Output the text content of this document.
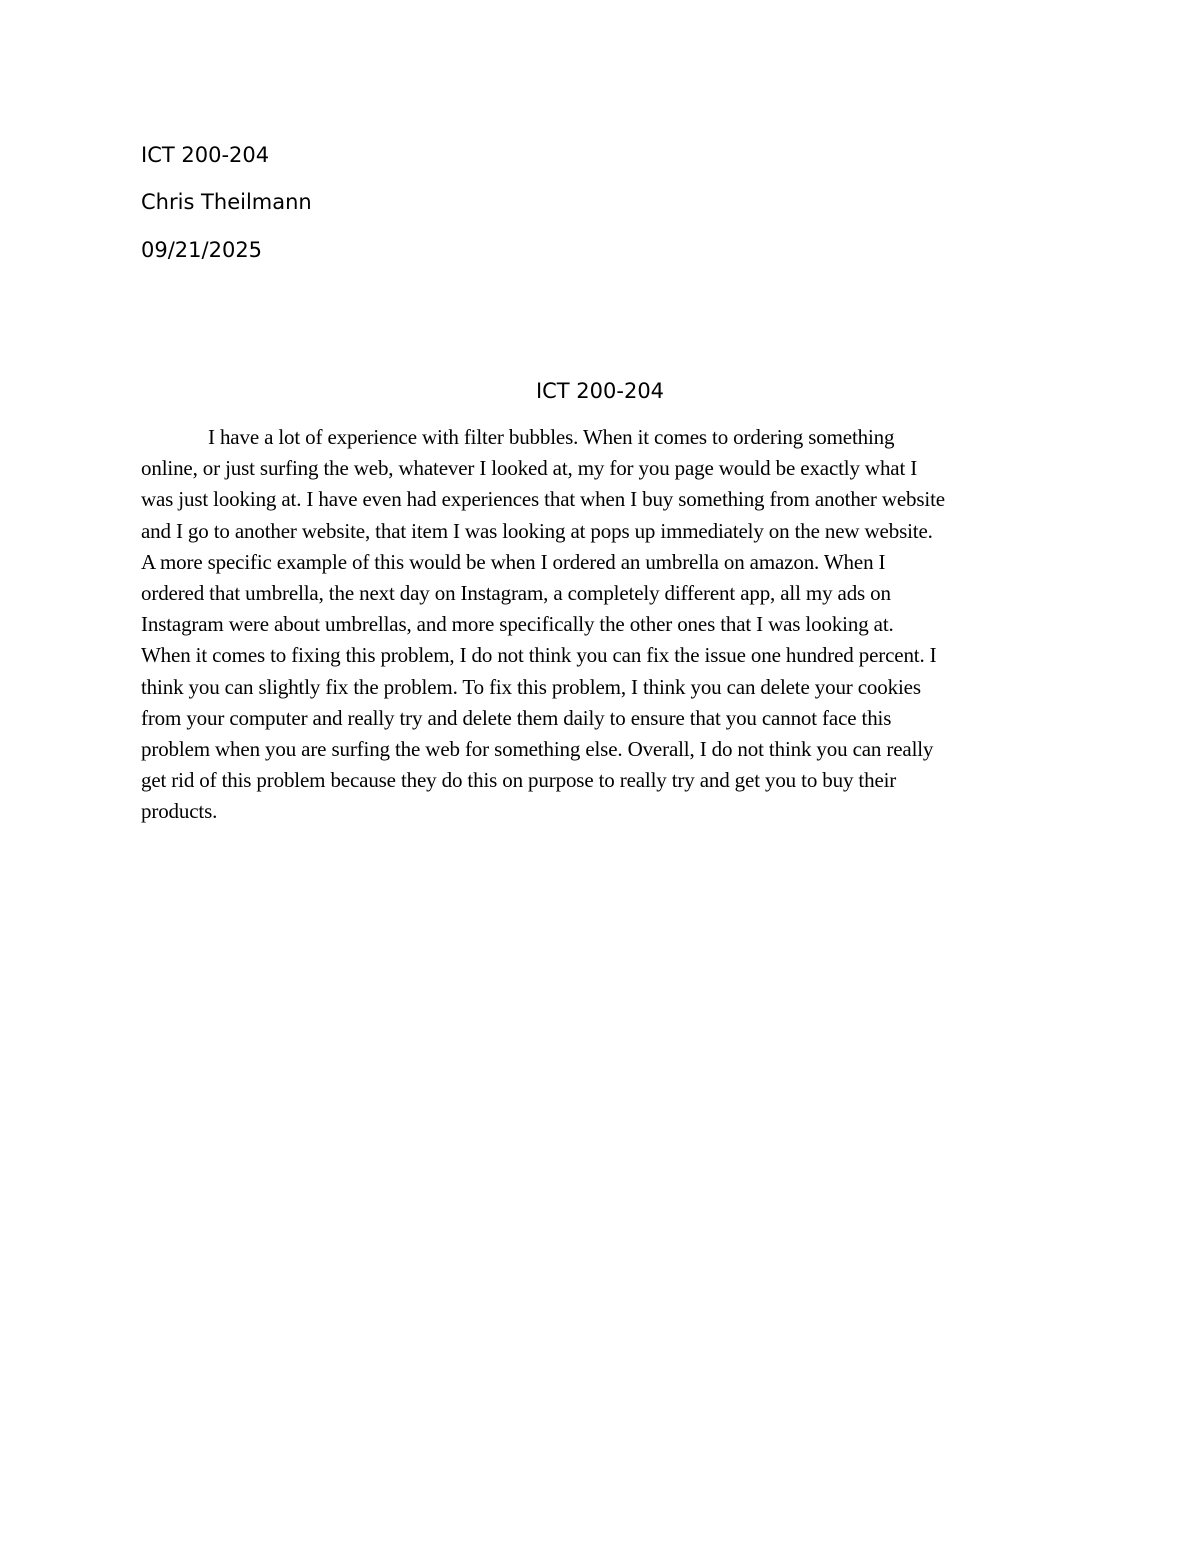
ICT 200-204

Chris Theilmann

09/21/2025

ICT 200-204
I have a lot of experience with filter bubbles. When it comes to ordering something
online, or just surfing the web, whatever I looked at, my for you page would be exactly what I
was just looking at. I have even had experiences that when I buy something from another website
and I go to another website, that item I was looking at pops up immediately on the new website.
A more specific example of this would be when I ordered an umbrella on amazon. When I
ordered that umbrella, the next day on Instagram, a completely different app, all my ads on
Instagram were about umbrellas, and more specifically the other ones that I was looking at.
When it comes to fixing this problem, I do not think you can fix the issue one hundred percent. I
think you can slightly fix the problem. To fix this problem, I think you can delete your cookies
from your computer and really try and delete them daily to ensure that you cannot face this
problem when you are surfing the web for something else. Overall, I do not think you can really
get rid of this problem because they do this on purpose to really try and get you to buy their
products.
